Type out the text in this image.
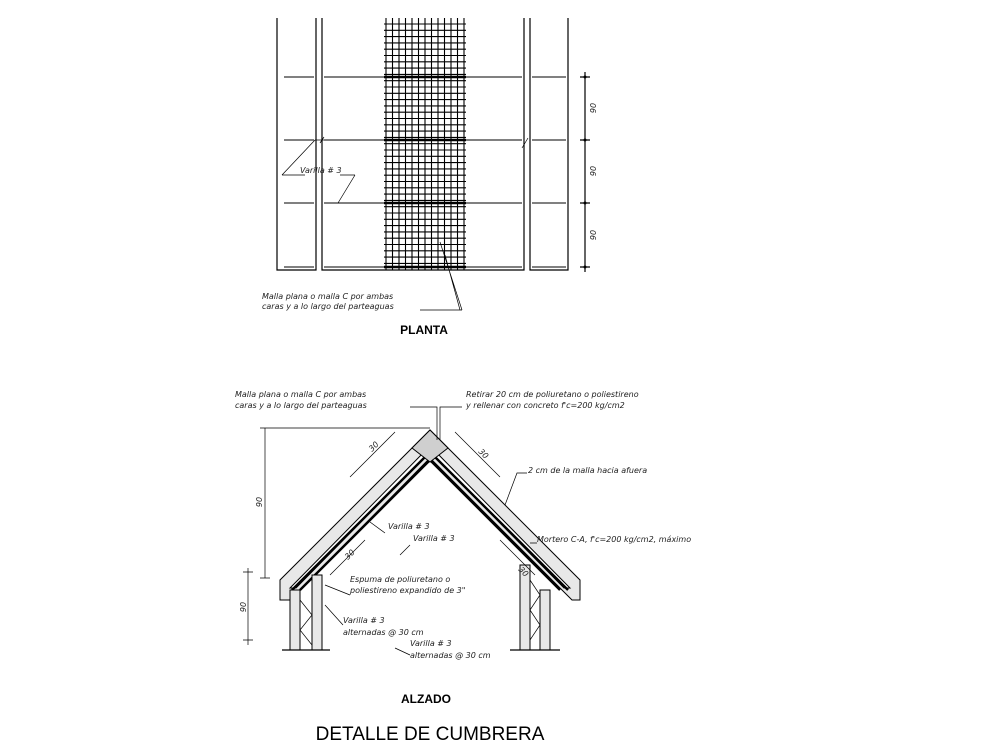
90
90
90
Varilla # 3
Malla plana o malla C por ambas
caras y a lo largo del parteaguas
PLANTA
90
90
30
30
30
30
Malla plana o malla C por ambas
caras y a lo largo del parteaguas
Retirar 20 cm de poliuretano o poliestireno
y rellenar con concreto f'c=200 kg/cm2
2 cm de la malla hacia afuera
Varilla # 3
Varilla # 3	Mortero C-A, f'c=200 kg/cm2, máximo
Espuma de poliuretano o
poliestireno expandido de 3"
Varilla # 3
alternadas @ 30 cm
Varilla # 3
alternadas @ 30 cm
ALZADO
DETALLE DE CUMBRERA
